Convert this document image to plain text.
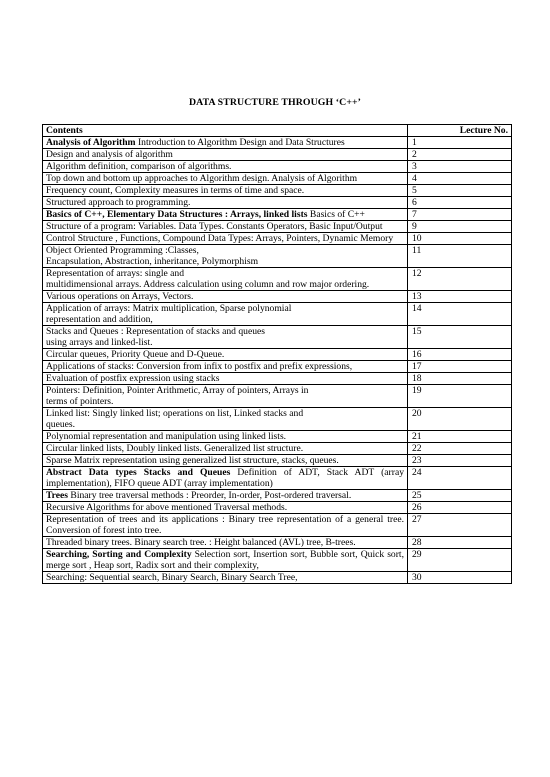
DATA STRUCTURE THROUGH ‘C++’
Contents	Lecture No.
Analysis of Algorithm Introduction to Algorithm Design and Data Structures	1
Design and analysis of algorithm	2
Algorithm definition, comparison of algorithms.	3
Top down and bottom up approaches to Algorithm design. Analysis of Algorithm	4
Frequency count, Complexity measures in terms of time and space.	5
Structured approach to programming.	6
Basics of C++, Elementary Data Structures : Arrays, linked lists Basics of C++	7
Structure of a program: Variables. Data Types. Constants Operators, Basic Input/Output	9
Control Structure , Functions, Compound Data Types: Arrays, Pointers, Dynamic Memory	10
Object Oriented Programming :Classes,
Encapsulation, Abstraction, inheritance, Polymorphism	11
Representation of arrays: single and
multidimensional arrays. Address calculation using column and row major ordering.	12
Various operations on Arrays, Vectors.	13
Application of arrays: Matrix multiplication, Sparse polynomial
representation and addition,	14
Stacks and Queues : Representation of stacks and queues
using arrays and linked-list.	15
Circular queues, Priority Queue and D-Queue.	16
Applications of stacks: Conversion from infix to postfix and prefix expressions,	17
Evaluation of postfix expression using stacks	18
Pointers: Definition, Pointer Arithmetic, Array of pointers, Arrays in
terms of pointers.	19
Linked list: Singly linked list; operations on list, Linked stacks and
queues.	20
Polynomial representation and manipulation using linked lists.	21
Circular linked lists, Doubly linked lists. Generalized list structure.	22
Sparse Matrix representation using generalized list structure, stacks, queues.	23
Abstract Data types Stacks and Queues Definition of ADT, Stack ADT (array implementation), FIFO queue ADT (array implementation)	24
Trees Binary tree traversal methods : Preorder, In-order, Post-ordered traversal.	25
Recursive Algorithms for above mentioned Traversal methods.	26
Representation of trees and its applications : Binary tree representation of a general tree. Conversion of forest into tree.	27
Threaded binary trees. Binary search tree. : Height balanced (AVL) tree, B-trees.	28
Searching, Sorting and Complexity Selection sort, Insertion sort, Bubble sort, Quick sort, merge sort , Heap sort, Radix sort and their complexity,	29
Searching: Sequential search, Binary Search, Binary Search Tree,	30
